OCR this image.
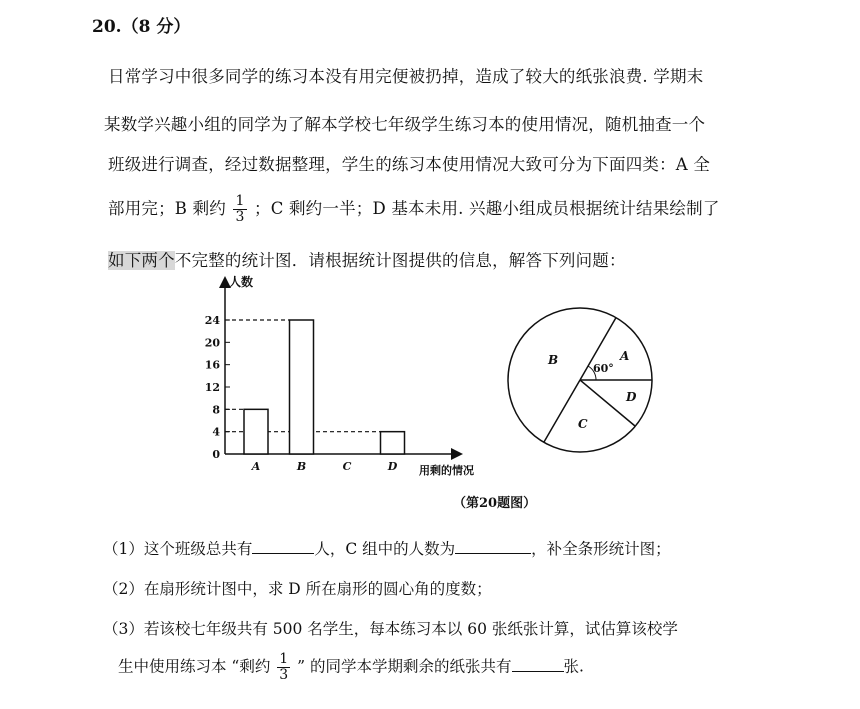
20.（8 分）
日常学习中很多同学的练习本没有用完便被扔掉，造成了较大的纸张浪费. 学期末
某数学兴趣小组的同学为了解本学校七年级学生练习本的使用情况，随机抽查一个
班级进行调查，经过数据整理，学生的练习本使用情况大致可分为下面四类：A 全
部用完；B 剩约 $\frac{1}{3}$ ；C 剩约一半；D 基本未用. 兴趣小组成员根据统计结果绘制了
如下两个不完整的统计图．请根据统计图提供的信息，解答下列问题：
人数
用剩的情况
0
4
8
12
16
20
24
A	B	C	D
60°
A
B
C
D
（第20题图）
（1）这个班级总共有	人，C 组中的人数为	，补全条形统计图；
（2）在扇形统计图中，求 D 所在扇形的圆心角的度数；
（3）若该校七年级共有 500 名学生，每本练习本以 60 张纸张计算，试估算该校学
生中使用练习本 “剩约 $\frac{1}{3}$ ” 的同学本学期剩余的纸张共有	张.
